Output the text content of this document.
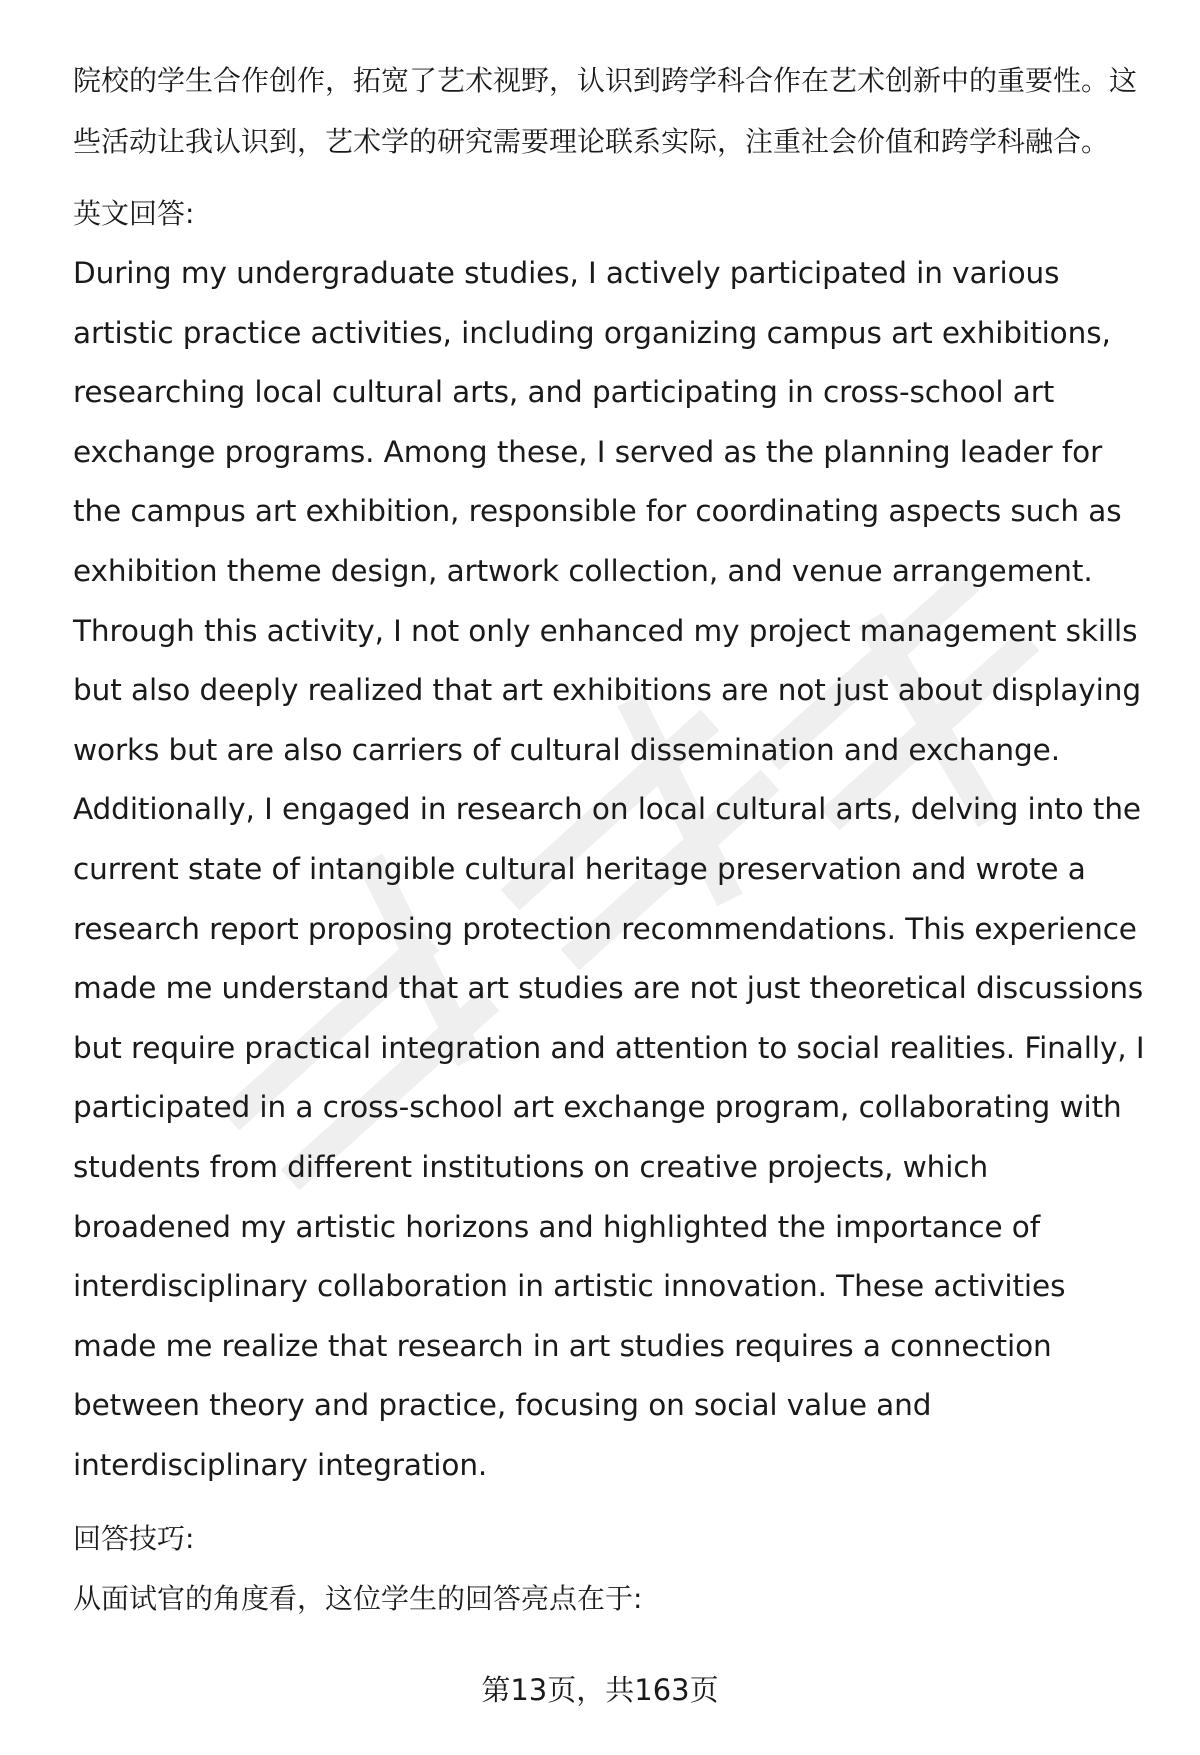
院校的学生合作创作，拓宽了艺术视野，认识到跨学科合作在艺术创新中的重要性。这些活动让我认识到，艺术学的研究需要理论联系实际，注重社会价值和跨学科融合。

英文回答:

During my undergraduate studies, I actively participated in various artistic practice activities, including organizing campus art exhibitions, researching local cultural arts, and participating in cross-school art exchange programs. Among these, I served as the planning leader for the campus art exhibition, responsible for coordinating aspects such as exhibition theme design, artwork collection, and venue arrangement. Through this activity, I not only enhanced my project management skills but also deeply realized that art exhibitions are not just about displaying works but are also carriers of cultural dissemination and exchange. Additionally, I engaged in research on local cultural arts, delving into the current state of intangible cultural heritage preservation and wrote a research report proposing protection recommendations. This experience made me understand that art studies are not just theoretical discussions but require practical integration and attention to social realities. Finally, I participated in a cross-school art exchange program, collaborating with students from different institutions on creative projects, which broadened my artistic horizons and highlighted the importance of interdisciplinary collaboration in artistic innovation. These activities made me realize that research in art studies requires a connection between theory and practice, focusing on social value and interdisciplinary integration.

回答技巧:

从面试官的角度看，这位学生的回答亮点在于:

第13页，共163页
